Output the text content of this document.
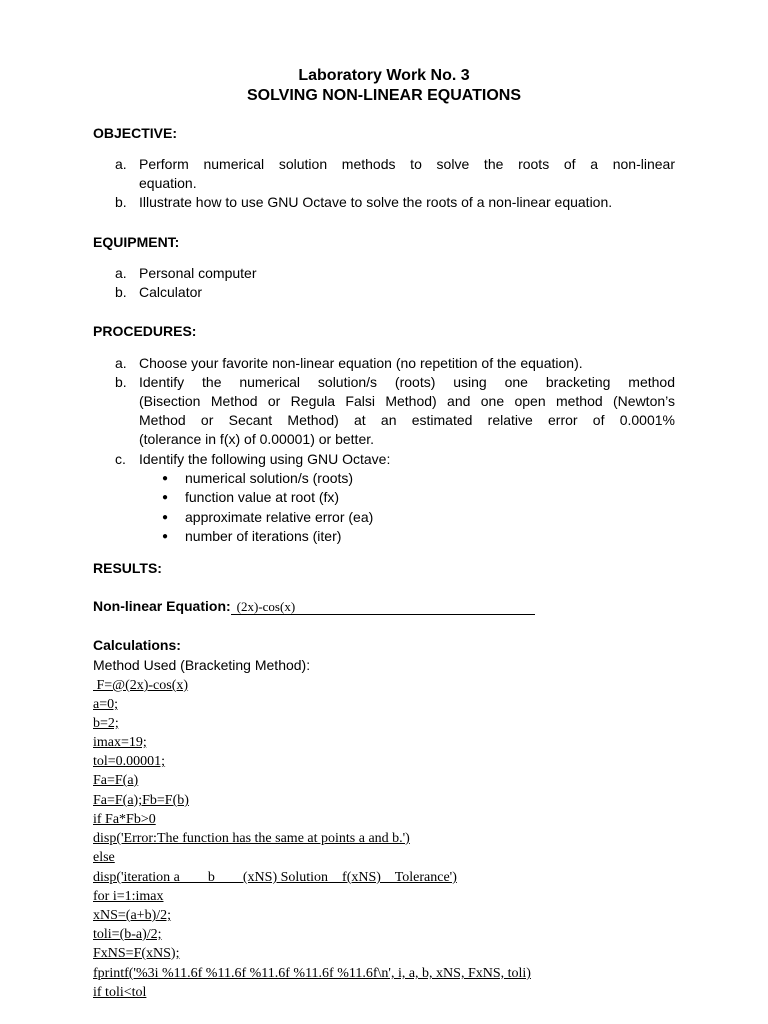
Laboratory Work No. 3
SOLVING NON-LINEAR EQUATIONS
OBJECTIVE:
a. Perform numerical solution methods to solve the roots of a non-linear
equation.
b. Illustrate how to use GNU Octave to solve the roots of a non-linear equation.
EQUIPMENT:
a. Personal computer
b. Calculator
PROCEDURES:
a. Choose your favorite non-linear equation (no repetition of the equation).
b. Identify the numerical solution/s (roots) using one bracketing method
(Bisection Method or Regula Falsi Method) and one open method (Newton’s
Method or Secant Method) at an estimated relative error of 0.0001%
(tolerance in f(x) of 0.00001) or better.
c. Identify the following using GNU Octave:
●	numerical solution/s (roots)
●	function value at root (fx)
●	approximate relative error (ea)
●	number of iterations (iter)
RESULTS:
Non-linear Equation: (2x)-cos(x)
Calculations:
Method Used (Bracketing Method):
F=@(2x)-cos(x)
a=0;
b=2;
imax=19;
tol=0.00001;
Fa=F(a)
Fa=F(a);Fb=F(b)
if Fa*Fb>0
disp('Error:The function has the same at points a and b.')
else
disp('iteration a        b        (xNS) Solution    f(xNS)    Tolerance')
for i=1:imax
xNS=(a+b)/2;
toli=(b-a)/2;
FxNS=F(xNS);
fprintf('%3i %11.6f %11.6f %11.6f %11.6f %11.6f\n', i, a, b, xNS, FxNS, toli)
if toli<tol
